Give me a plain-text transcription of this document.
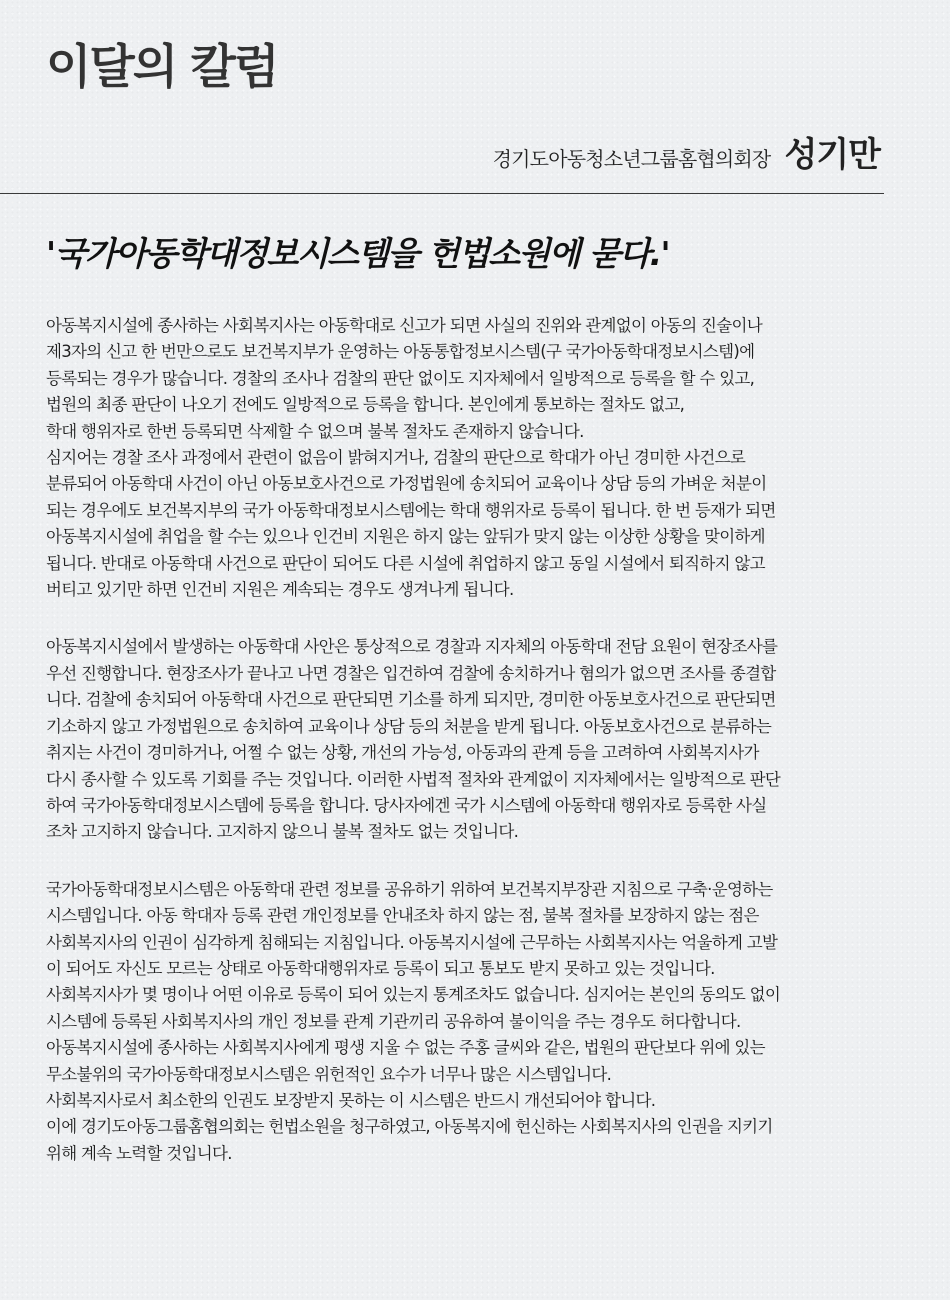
이달의 칼럼
경기도아동청소년그룹홈협의회장 성기만
'국가아동학대정보시스템을 헌법소원에 묻다.'

아동복지시설에 종사하는 사회복지사는 아동학대로 신고가 되면 사실의 진위와 관계없이 아동의 진술이나
제3자의 신고 한 번만으로도 보건복지부가 운영하는 아동통합정보시스템(구 국가아동학대정보시스템)에
등록되는 경우가 많습니다. 경찰의 조사나 검찰의 판단 없이도 지자체에서 일방적으로 등록을 할 수 있고,
법원의 최종 판단이 나오기 전에도 일방적으로 등록을 합니다. 본인에게 통보하는 절차도 없고,
학대 행위자로 한번 등록되면 삭제할 수 없으며 불복 절차도 존재하지 않습니다.
심지어는 경찰 조사 과정에서 관련이 없음이 밝혀지거나, 검찰의 판단으로 학대가 아닌 경미한 사건으로
분류되어 아동학대 사건이 아닌 아동보호사건으로 가정법원에 송치되어 교육이나 상담 등의 가벼운 처분이
되는 경우에도 보건복지부의 국가 아동학대정보시스템에는 학대 행위자로 등록이 됩니다. 한 번 등재가 되면
아동복지시설에 취업을 할 수는 있으나 인건비 지원은 하지 않는 앞뒤가 맞지 않는 이상한 상황을 맞이하게
됩니다. 반대로 아동학대 사건으로 판단이 되어도 다른 시설에 취업하지 않고 동일 시설에서 퇴직하지 않고
버티고 있기만 하면 인건비 지원은 계속되는 경우도 생겨나게 됩니다.

아동복지시설에서 발생하는 아동학대 사안은 통상적으로 경찰과 지자체의 아동학대 전담 요원이 현장조사를
우선 진행합니다. 현장조사가 끝나고 나면 경찰은 입건하여 검찰에 송치하거나 혐의가 없으면 조사를 종결합
니다. 검찰에 송치되어 아동학대 사건으로 판단되면 기소를 하게 되지만, 경미한 아동보호사건으로 판단되면
기소하지 않고 가정법원으로 송치하여 교육이나 상담 등의 처분을 받게 됩니다. 아동보호사건으로 분류하는
취지는 사건이 경미하거나, 어쩔 수 없는 상황, 개선의 가능성, 아동과의 관계 등을 고려하여 사회복지사가
다시 종사할 수 있도록 기회를 주는 것입니다. 이러한 사법적 절차와 관계없이 지자체에서는 일방적으로 판단
하여 국가아동학대정보시스템에 등록을 합니다. 당사자에겐 국가 시스템에 아동학대 행위자로 등록한 사실
조차 고지하지 않습니다. 고지하지 않으니 불복 절차도 없는 것입니다.

국가아동학대정보시스템은 아동학대 관련 정보를 공유하기 위하여 보건복지부장관 지침으로 구축·운영하는
시스템입니다. 아동 학대자 등록 관련 개인정보를 안내조차 하지 않는 점, 불복 절차를 보장하지 않는 점은
사회복지사의 인권이 심각하게 침해되는 지침입니다. 아동복지시설에 근무하는 사회복지사는 억울하게 고발
이 되어도 자신도 모르는 상태로 아동학대행위자로 등록이 되고 통보도 받지 못하고 있는 것입니다.
사회복지사가 몇 명이나 어떤 이유로 등록이 되어 있는지 통계조차도 없습니다. 심지어는 본인의 동의도 없이
시스템에 등록된 사회복지사의 개인 정보를 관계 기관끼리 공유하여 불이익을 주는 경우도 허다합니다.
아동복지시설에 종사하는 사회복지사에게 평생 지울 수 없는 주홍 글씨와 같은, 법원의 판단보다 위에 있는
무소불위의 국가아동학대정보시스템은 위헌적인 요수가 너무나 많은 시스템입니다.
사회복지사로서 최소한의 인권도 보장받지 못하는 이 시스템은 반드시 개선되어야 합니다.
이에 경기도아동그룹홈협의회는 헌법소원을 청구하였고, 아동복지에 헌신하는 사회복지사의 인권을 지키기
위해 계속 노력할 것입니다.
